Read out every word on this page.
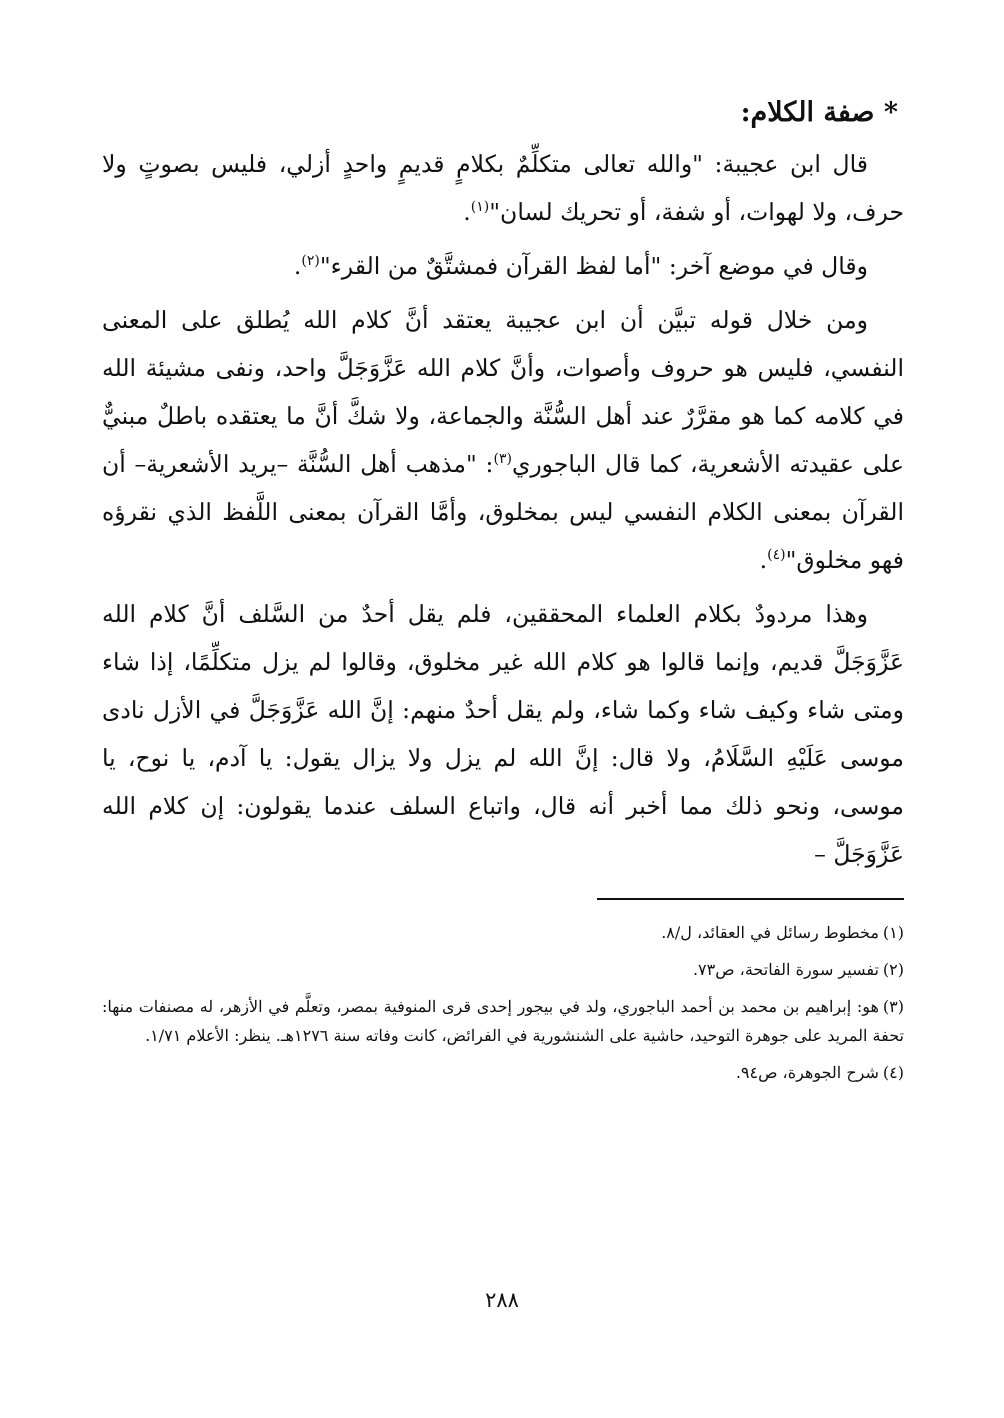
* صفة الكلام:

قال ابن عجيبة: "والله تعالى متكلِّمٌ بكلامٍ قديمٍ واحدٍ أزلي، فليس بصوتٍ ولا حرف، ولا لهوات، أو شفة، أو تحريك لسان"$^{(١)}$.

وقال في موضع آخر: "أما لفظ القرآن فمشتَّقٌ من القرء"$^{(٢)}$.

ومن خلال قوله تبيَّن أن ابن عجيبة يعتقد أنَّ كلام الله يُطلق على المعنى النفسي، فليس هو حروف وأصوات، وأنَّ كلام الله عَزَّوَجَلَّ واحد، ونفى مشيئة الله في كلامه كما هو مقرَّرٌ عند أهل السُّنَّة والجماعة، ولا شكَّ أنَّ ما يعتقده باطلٌ مبنيٌّ على عقيدته الأشعرية، كما قال الباجوري$^{(٣)}$: "مذهب أهل السُّنَّة –يريد الأشعرية– أن القرآن بمعنى الكلام النفسي ليس بمخلوق، وأمَّا القرآن بمعنى اللَّفظ الذي نقرؤه فهو مخلوق"$^{(٤)}$.

وهذا مردودٌ بكلام العلماء المحققين، فلم يقل أحدٌ من السَّلف أنَّ كلام الله عَزَّوَجَلَّ قديم، وإنما قالوا هو كلام الله غير مخلوق، وقالوا لم يزل متكلِّمًا، إذا شاء ومتى شاء وكيف شاء وكما شاء، ولم يقل أحدٌ منهم: إنَّ الله عَزَّوَجَلَّ في الأزل نادى موسى عَلَيْهِ السَّلَامُ، ولا قال: إنَّ الله لم يزل ولا يزال يقول: يا آدم، يا نوح، يا موسى، ونحو ذلك مما أخبر أنه قال، واتباع السلف عندما يقولون: إن كلام الله عَزَّوَجَلَّ –

(١)مخطوط رسائل في العقائد، ل/٨.

(٢)تفسير سورة الفاتحة، ص٧٣.

(٣)هو: إبراهيم بن محمد بن أحمد الباجوري، ولد في بيجور إحدى قرى المنوفية بمصر، وتعلَّم في الأزهر، له مصنفات منها: تحفة المريد على جوهرة التوحيد، حاشية على الشنشورية في الفرائض، كانت وفاته سنة ١٢٧٦هـ. ينظر: الأعلام ١/٧١.

(٤)شرح الجوهرة، ص٩٤.

٢٨٨
